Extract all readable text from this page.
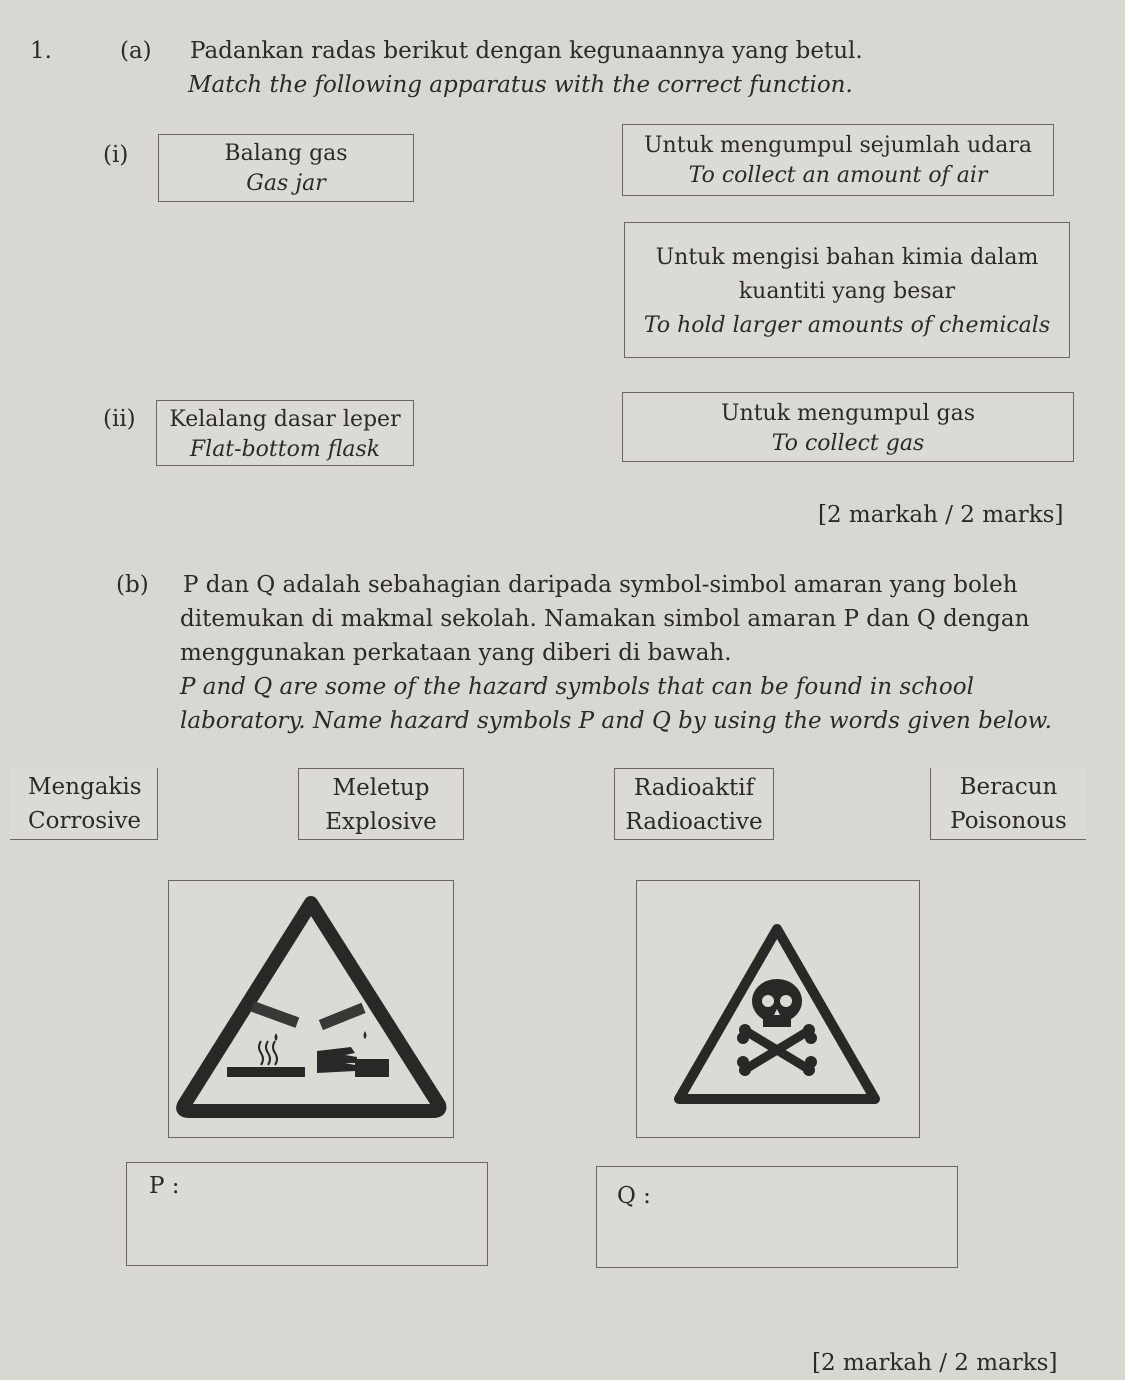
1.	(a) Padankan radas berikut dengan kegunaannya yang betul.
Match the following apparatus with the correct function.
(i)	Balang gas
Gas jar
Untuk mengumpul sejumlah udara
To collect an amount of air
Untuk mengisi bahan kimia dalam
kuantiti yang besar
To hold larger amounts of chemicals
(ii)	Kelalang dasar leper
Flat-bottom flask
Untuk mengumpul gas
To collect gas
[2 markah / 2 marks]
(b) P dan Q adalah sebahagian daripada symbol-simbol amaran yang boleh
ditemukan di makmal sekolah. Namakan simbol amaran P dan Q dengan
menggunakan perkataan yang diberi di bawah.
P and Q are some of the hazard symbols that can be found in school
laboratory. Name hazard symbols P and Q by using the words given below.
Mengakis
Corrosive
Meletup
Explosive
Radioaktif
Radioactive
Beracun
Poisonous
P :	Q :
[2 markah / 2 marks]
